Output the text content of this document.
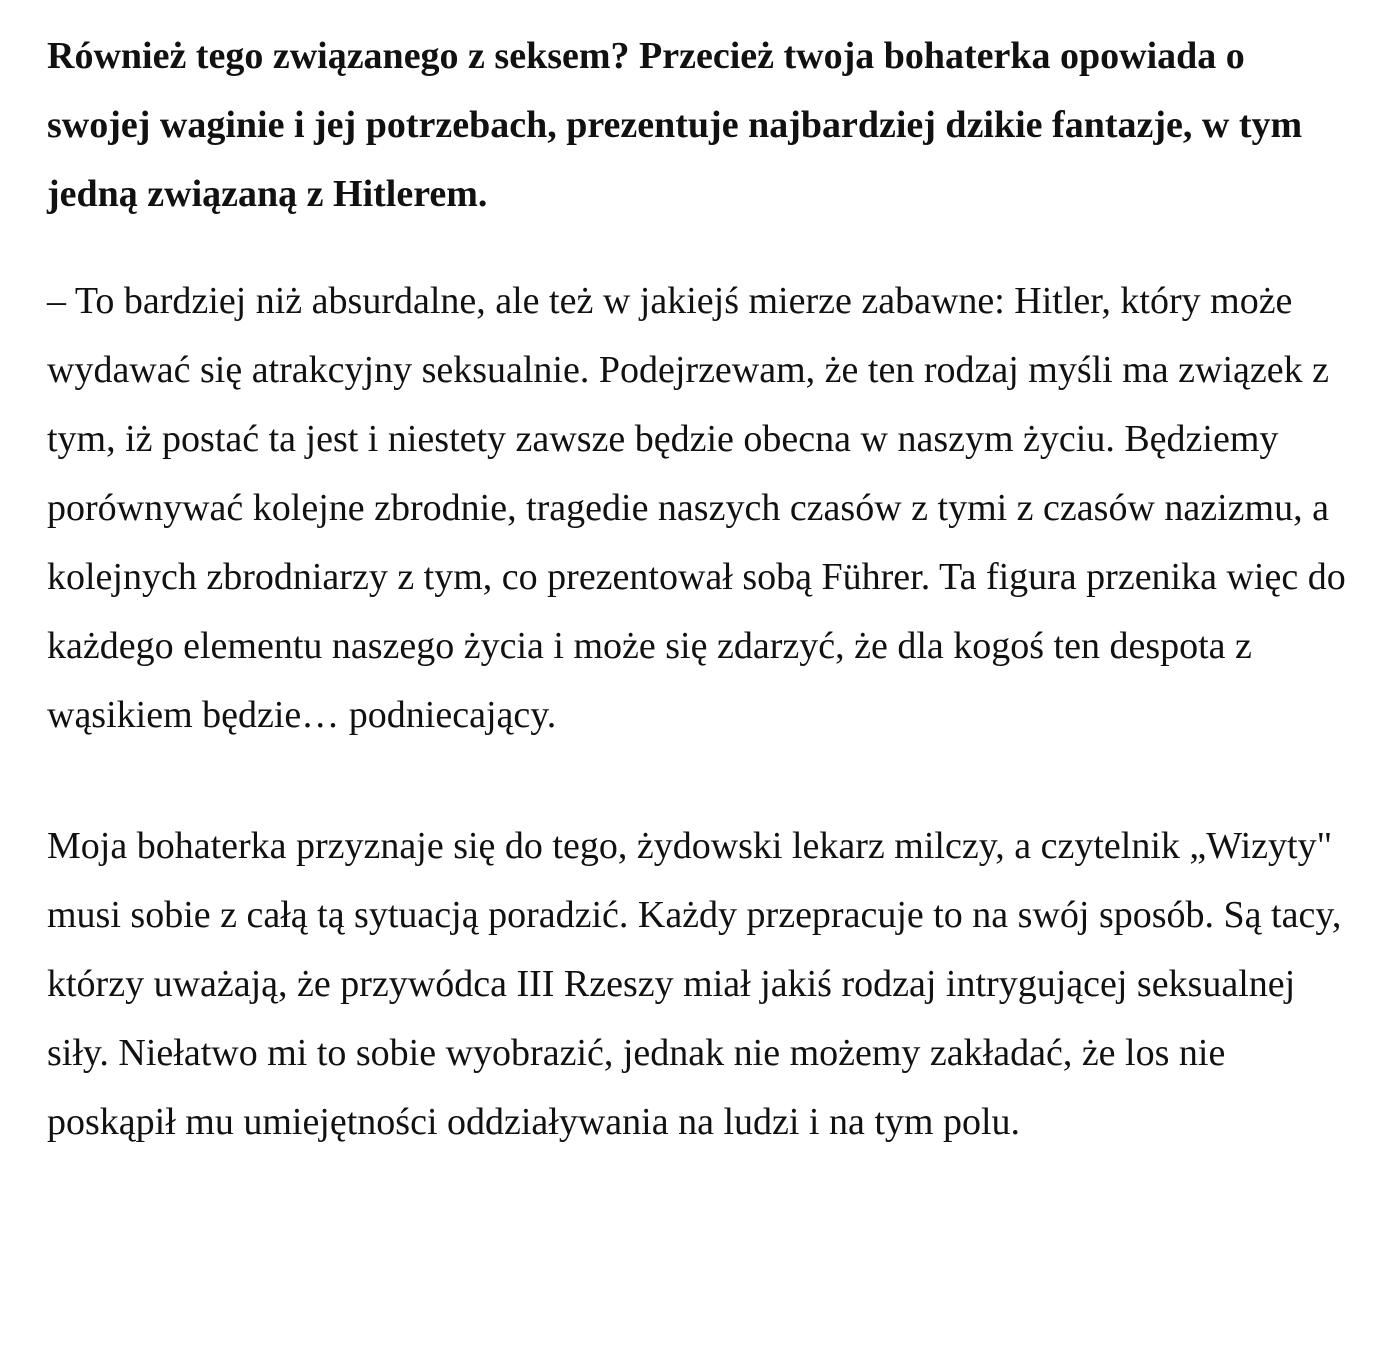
Również tego związanego z seksem? Przecież twoja bohaterka opowiada o swojej waginie i jej potrzebach, prezentuje najbardziej dzikie fantazje, w tym jedną związaną z Hitlerem.

– To bardziej niż absurdalne, ale też w jakiejś mierze zabawne: Hitler, który może wydawać się atrakcyjny seksualnie. Podejrzewam, że ten rodzaj myśli ma związek z tym, iż postać ta jest i niestety zawsze będzie obecna w naszym życiu. Będziemy porównywać kolejne zbrodnie, tragedie naszych czasów z tymi z czasów nazizmu, a kolejnych zbrodniarzy z tym, co prezentował sobą Führer. Ta figura przenika więc do każdego elementu naszego życia i może się zdarzyć, że dla kogoś ten despota z wąsikiem będzie… podniecający.

Moja bohaterka przyznaje się do tego, żydowski lekarz milczy, a czytelnik „Wizyty" musi sobie z całą tą sytuacją poradzić. Każdy przepracuje to na swój sposób. Są tacy, którzy uważają, że przywódca III Rzeszy miał jakiś rodzaj intrygującej seksualnej siły. Niełatwo mi to sobie wyobrazić, jednak nie możemy zakładać, że los nie poskąpił mu umiejętności oddziaływania na ludzi i na tym polu.
